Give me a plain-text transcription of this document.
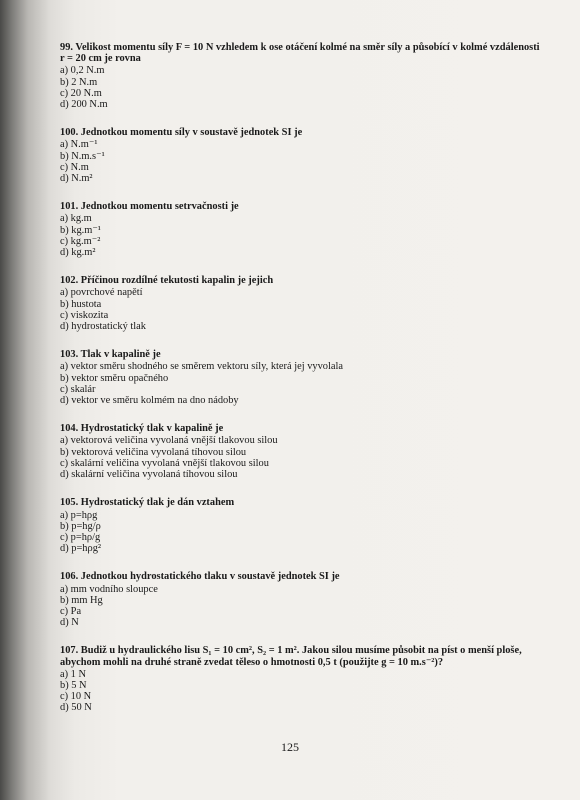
99. Velikost momentu síly F = 10 N vzhledem k ose otáčení kolmé na směr síly a působící v kolmé vzdálenosti r = 20 cm je rovna

a) 0,2 N.m
b) 2 N.m
c) 20 N.m
d) 200 N.m

100. Jednotkou momentu síly v soustavě jednotek SI je

a) N.m⁻¹
b) N.m.s⁻¹
c) N.m
d) N.m²

101. Jednotkou momentu setrvačnosti je

a) kg.m
b) kg.m⁻¹
c) kg.m⁻²
d) kg.m²

102. Příčinou rozdílné tekutosti kapalin je jejich

a) povrchové napětí
b) hustota
c) viskozita
d) hydrostatický tlak

103. Tlak v kapalině je

a) vektor směru shodného se směrem vektoru síly, která jej vyvolala
b) vektor směru opačného
c) skalár
d) vektor ve směru kolmém na dno nádoby

104. Hydrostatický tlak v kapalině je

a) vektorová veličina vyvolaná vnější tlakovou silou
b) vektorová veličina vyvolaná tíhovou silou
c) skalární veličina vyvolaná vnější tlakovou silou
d) skalární veličina vyvolaná tíhovou silou

105. Hydrostatický tlak je dán vztahem

a) p=hρg
b) p=hg/ρ
c) p=hρ/g
d) p=hρg²

106. Jednotkou hydrostatického tlaku v soustavě jednotek SI je

a) mm vodního sloupce
b) mm Hg
c) Pa
d) N

107. Budiž u hydraulického lisu S₁ = 10 cm², S₂ = 1 m². Jakou silou musíme působit na píst o menší ploše, abychom mohli na druhé straně zvedat těleso o hmotnosti 0,5 t (použijte g = 10 m.s⁻²)?

a) 1 N
b) 5 N
c) 10 N
d) 50 N
125
